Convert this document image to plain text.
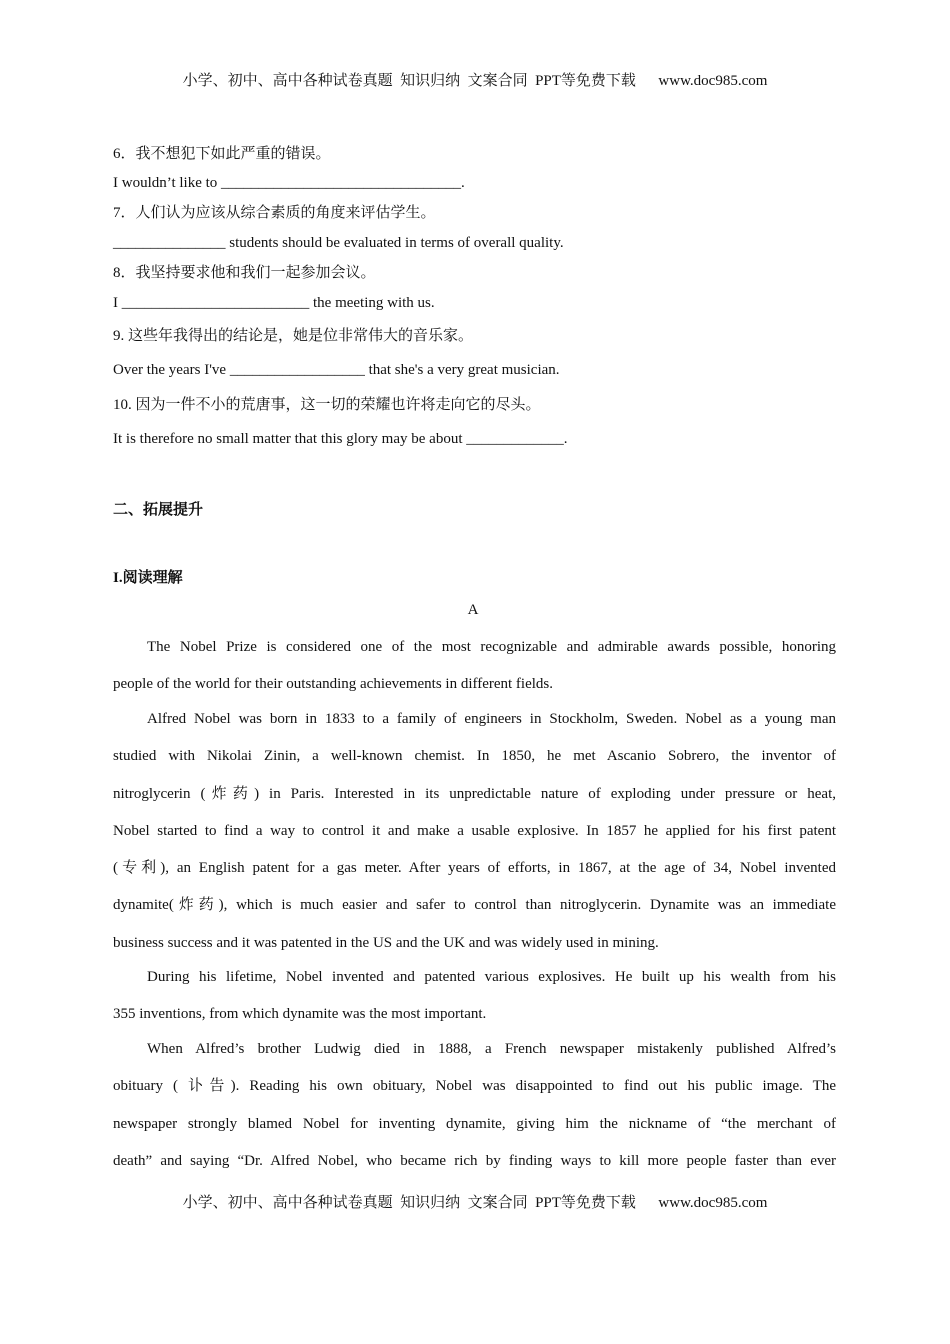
小学、初中、高中各种试卷真题  知识归纳  文案合同  PPT等免费下载      www.doc985.com
6．我不想犯下如此严重的错误。
I wouldn’t like to ________________________________.
7．人们认为应该从综合素质的角度来评估学生。
_______________ students should be evaluated in terms of overall quality.
8．我坚持要求他和我们一起参加会议。
I _________________________ the meeting with us.
9. 这些年我得出的结论是，她是位非常伟大的音乐家。
Over the years I've __________________ that she's a very great musician.
10. 因为一件不小的荒唐事，这一切的荣耀也许将走向它的尽头。
It is therefore no small matter that this glory may be about _____________.
二、拓展提升
I.阅读理解
A
The Nobel Prize is considered one of the most recognizable and admirable awards possible, honoring
people of the world for their outstanding achievements in different fields.
Alfred Nobel was born in 1833 to a family of engineers in Stockholm, Sweden. Nobel as a young man
studied with Nikolai Zinin, a well-known chemist. In 1850, he met Ascanio Sobrero, the inventor of
nitroglycerin (炸药) in Paris. Interested in its unpredictable nature of exploding under pressure or heat,
Nobel started to find a way to control it and make a usable explosive. In 1857 he applied for his first patent
(专利), an English patent for a gas meter. After years of efforts, in 1867, at the age of 34, Nobel invented
dynamite(炸药), which is much easier and safer to control than nitroglycerin. Dynamite was an immediate
business success and it was patented in the US and the UK and was widely used in mining.
During his lifetime, Nobel invented and patented various explosives. He built up his wealth from his
355 inventions, from which dynamite was the most important.
When Alfred’s brother Ludwig died in 1888, a French newspaper mistakenly published Alfred’s
obituary ( 讣告). Reading his own obituary, Nobel was disappointed to find out his public image. The
newspaper strongly blamed Nobel for inventing dynamite, giving him the nickname of “the merchant of
death” and saying “Dr. Alfred Nobel, who became rich by finding ways to kill more people faster than ever
小学、初中、高中各种试卷真题  知识归纳  文案合同  PPT等免费下载      www.doc985.com
